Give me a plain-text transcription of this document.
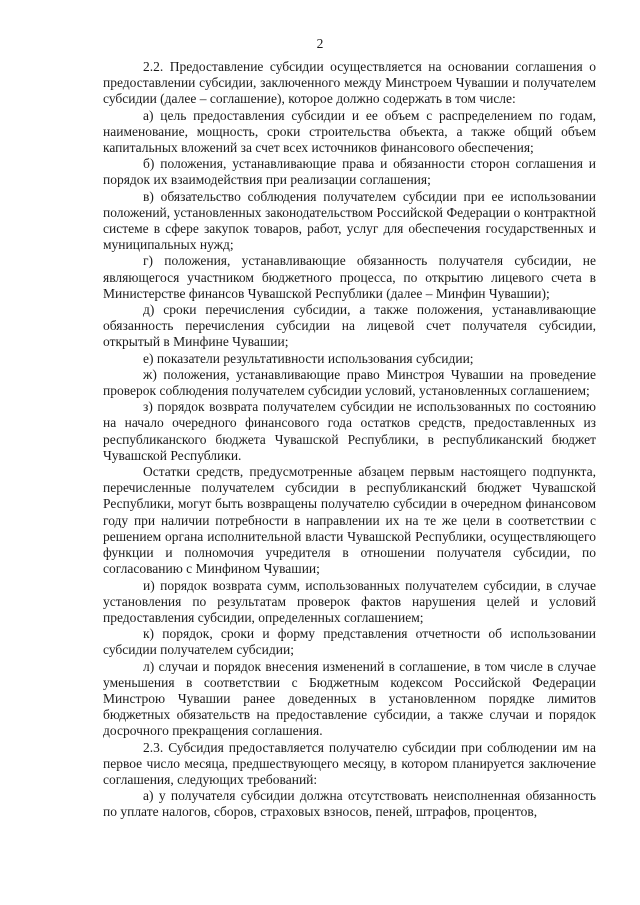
2

2.2. Предоставление субсидии осуществляется на основании соглашения о предоставлении субсидии, заключенного между Минстроем Чувашии и получателем субсидии (далее – соглашение), которое должно содержать в том числе:

а) цель предоставления субсидии и ее объем с распределением по годам, наименование, мощность, сроки строительства объекта, а также общий объем капитальных вложений за счет всех источников финансового обеспечения;

б) положения, устанавливающие права и обязанности сторон соглашения и порядок их взаимодействия при реализации соглашения;

в) обязательство соблюдения получателем субсидии при ее использовании положений, установленных законодательством Российской Федерации о контрактной системе в сфере закупок товаров, работ, услуг для обеспечения государственных и муниципальных нужд;

г) положения, устанавливающие обязанность получателя субсидии, не являющегося участником бюджетного процесса, по открытию лицевого счета в Министерстве финансов Чувашской Республики (далее – Минфин Чувашии);

д) сроки перечисления субсидии, а также положения, устанавливающие обязанность перечисления субсидии на лицевой счет получателя субсидии, открытый в Минфине Чувашии;

е) показатели результативности использования субсидии;

ж) положения, устанавливающие право Минстроя Чувашии на проведение проверок соблюдения получателем субсидии условий, установленных соглашением;

з) порядок возврата получателем субсидии не использованных по состоянию на начало очередного финансового года остатков средств, предоставленных из республиканского бюджета Чувашской Республики, в республиканский бюджет Чувашской Республики.

Остатки средств, предусмотренные абзацем первым настоящего подпункта, перечисленные получателем субсидии в республиканский бюджет Чувашской Республики, могут быть возвращены получателю субсидии в очередном финансовом году при наличии потребности в направлении их на те же цели в соответствии с решением органа исполнительной власти Чувашской Республики, осуществляющего функции и полномочия учредителя в отношении получателя субсидии, по согласованию с Минфином Чувашии;

и) порядок возврата сумм, использованных получателем субсидии, в случае установления по результатам проверок фактов нарушения целей и условий предоставления субсидии, определенных соглашением;

к) порядок, сроки и форму представления отчетности об использовании субсидии получателем субсидии;

л) случаи и порядок внесения изменений в соглашение, в том числе в случае уменьшения в соответствии с Бюджетным кодексом Российской Федерации Минстрою Чувашии ранее доведенных в установленном порядке лимитов бюджетных обязательств на предоставление субсидии, а также случаи и порядок досрочного прекращения соглашения.

2.3. Субсидия предоставляется получателю субсидии при соблюдении им на первое число месяца, предшествующего месяцу, в котором планируется заключение соглашения, следующих требований:

а) у получателя субсидии должна отсутствовать неисполненная обязанность по уплате налогов, сборов, страховых взносов, пеней, штрафов, процентов,
